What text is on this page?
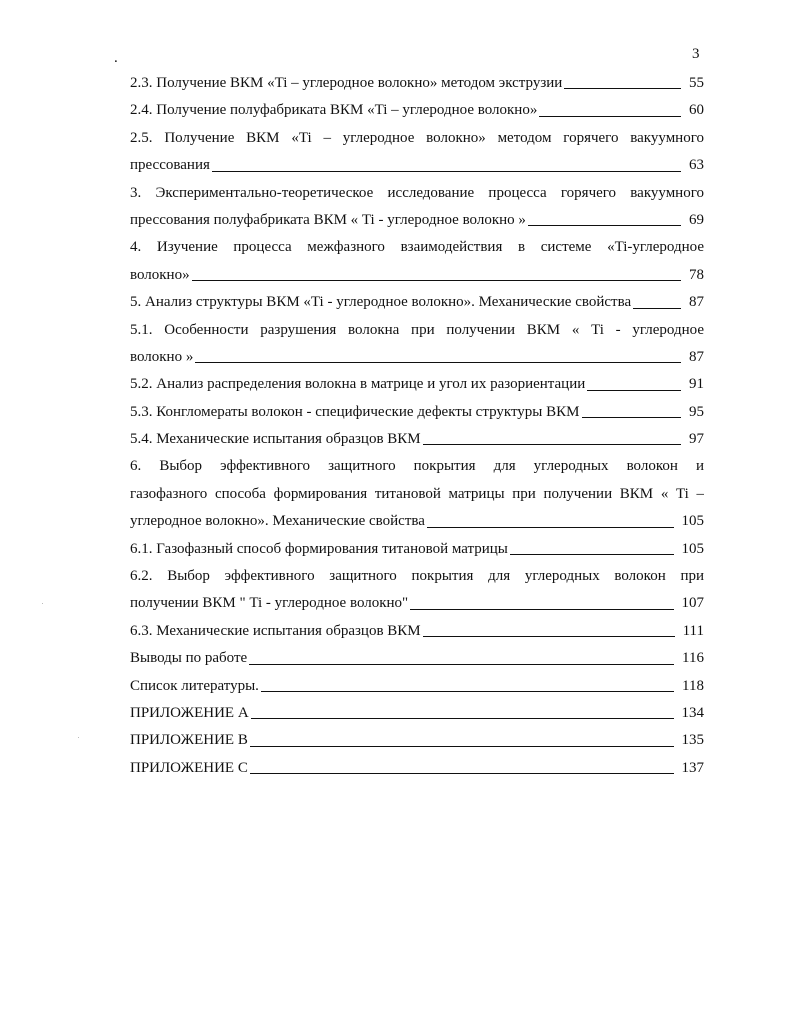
.	3
2.3. Получение ВКМ «Ti – углеродное волокно» методом экструзии	55
2.4. Получение полуфабриката ВКМ «Ti – углеродное волокно»	60
2.5. Получение ВКМ «Ti – углеродное волокно» методом горячего вакуумного
прессования	63
3. Экспериментально-теоретическое исследование процесса горячего вакуумного
прессования полуфабриката ВКМ « Ti - углеродное волокно »	69
4. Изучение процесса межфазного взаимодействия в системе «Ti-углеродное
волокно»	78
5. Анализ структуры ВКМ «Ti - углеродное волокно». Механические свойства	87
5.1. Особенности разрушения волокна при получении ВКМ « Ti - углеродное
волокно »	87
5.2. Анализ распределения волокна в матрице и угол их разориентации	91
5.3. Конгломераты волокон - специфические дефекты структуры ВКМ	95
5.4. Механические испытания образцов ВКМ	97
6. Выбор эффективного защитного покрытия для углеродных волокон и
газофазного способа формирования титановой матрицы при получении ВКМ « Ti –
углеродное волокно». Механические свойства	105
6.1. Газофазный способ формирования титановой матрицы	105
6.2. Выбор эффективного защитного покрытия для углеродных волокон при
получении ВКМ " Ti - углеродное волокно"	107
6.3. Механические испытания образцов ВКМ	111
Выводы по работе	116
Список литературы.	118
ПРИЛОЖЕНИЕ А	134
ПРИЛОЖЕНИЕ В	135
ПРИЛОЖЕНИЕ С	137
